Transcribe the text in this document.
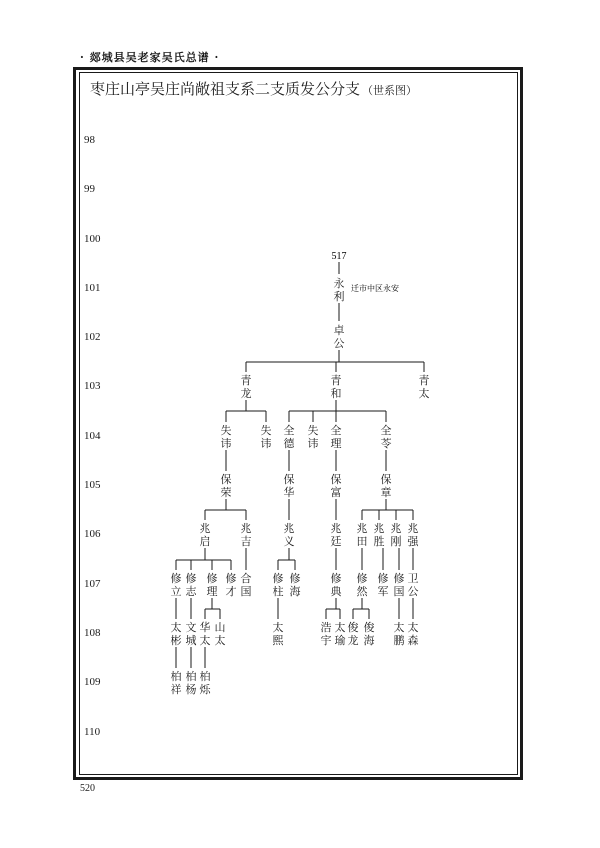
· 郯城县吴老家吴氏总谱 ·
枣庄山亭吴庄尚敞祖支系二支质发公分支 （世系图）
98
99
100
101
102
103
104
105
106
107
108
109
110
永利
卓公
青龙
青和
青太
失讳
失讳
全德
失讳
全理
全苓
保荣
保华
保富
保章
兆启
兆吉
兆义
兆廷
兆田
兆胜
兆刚
兆强
修立
修志
修理
修才
合国
修柱
修海
修典
修然
修军
修国
卫公
太彬
文城
华太
山太
太熙
浩宇
太瑜
俊龙
俊海
太鹏
太森
柏祥
柏杨
柏烁
517
迁市中区永安
520
